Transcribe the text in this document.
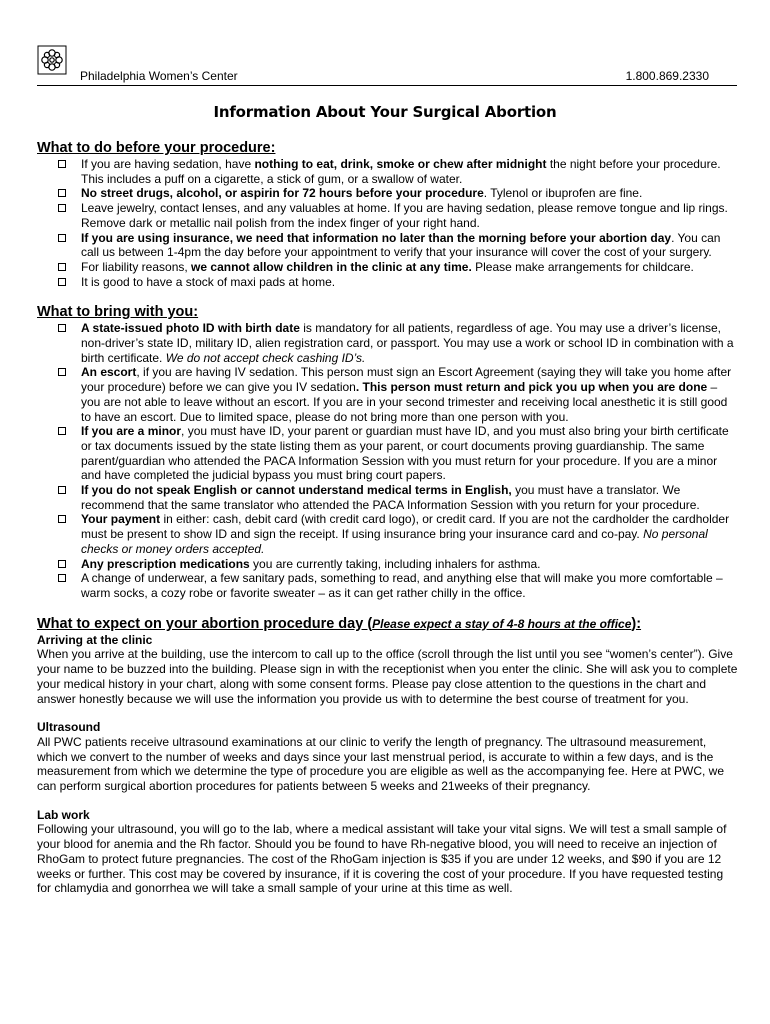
Philadelphia Women’s Center	1.800.869.2330
Information About Your Surgical Abortion
What to do before your procedure:
If you are having sedation, have nothing to eat, drink, smoke or chew after midnight the night before your procedure. This includes a puff on a cigarette, a stick of gum, or a swallow of water.
No street drugs, alcohol, or aspirin for 72 hours before your procedure. Tylenol or ibuprofen are fine.
Leave jewelry, contact lenses, and any valuables at home. If you are having sedation, please remove tongue and lip rings. Remove dark or metallic nail polish from the index finger of your right hand.
If you are using insurance, we need that information no later than the morning before your abortion day. You can call us between 1-4pm the day before your appointment to verify that your insurance will cover the cost of your surgery.
For liability reasons, we cannot allow children in the clinic at any time. Please make arrangements for childcare.
It is good to have a stock of maxi pads at home.
What to bring with you:
A state-issued photo ID with birth date is mandatory for all patients, regardless of age. You may use a driver’s license, non-driver’s state ID, military ID, alien registration card, or passport. You may use a work or school ID in combination with a birth certificate. We do not accept check cashing ID’s.
An escort, if you are having IV sedation. This person must sign an Escort Agreement (saying they will take you home after your procedure) before we can give you IV sedation. This person must return and pick you up when you are done – you are not able to leave without an escort. If you are in your second trimester and receiving local anesthetic it is still good to have an escort. Due to limited space, please do not bring more than one person with you.
If you are a minor, you must have ID, your parent or guardian must have ID, and you must also bring your birth certificate or tax documents issued by the state listing them as your parent, or court documents proving guardianship. The same parent/guardian who attended the PACA Information Session with you must return for your procedure. If you are a minor and have completed the judicial bypass you must bring court papers.
If you do not speak English or cannot understand medical terms in English, you must have a translator. We recommend that the same translator who attended the PACA Information Session with you return for your procedure.
Your payment in either: cash, debit card (with credit card logo), or credit card. If you are not the cardholder the cardholder must be present to show ID and sign the receipt. If using insurance bring your insurance card and co-pay. No personal checks or money orders accepted.
Any prescription medications you are currently taking, including inhalers for asthma.
A change of underwear, a few sanitary pads, something to read, and anything else that will make you more comfortable – warm socks, a cozy robe or favorite sweater – as it can get rather chilly in the office.
What to expect on your abortion procedure day (Please expect a stay of 4-8 hours at the office):

Arriving at the clinic

When you arrive at the building, use the intercom to call up to the office (scroll through the list until you see “women’s center”). Give your name to be buzzed into the building. Please sign in with the receptionist when you enter the clinic. She will ask you to complete your medical history in your chart, along with some consent forms. Please pay close attention to the questions in the chart and answer honestly because we will use the information you provide us with to determine the best course of treatment for you.

Ultrasound

All PWC patients receive ultrasound examinations at our clinic to verify the length of pregnancy. The ultrasound measurement, which we convert to the number of weeks and days since your last menstrual period, is accurate to within a few days, and is the measurement from which we determine the type of procedure you are eligible as well as the accompanying fee. Here at PWC, we can perform surgical abortion procedures for patients between 5 weeks and 21weeks of their pregnancy.

Lab work

Following your ultrasound, you will go to the lab, where a medical assistant will take your vital signs. We will test a small sample of your blood for anemia and the Rh factor. Should you be found to have Rh-negative blood, you will need to receive an injection of RhoGam to protect future pregnancies. The cost of the RhoGam injection is $35 if you are under 12 weeks, and $90 if you are 12 weeks or further. This cost may be covered by insurance, if it is covering the cost of your procedure. If you have requested testing for chlamydia and gonorrhea we will take a small sample of your urine at this time as well.
